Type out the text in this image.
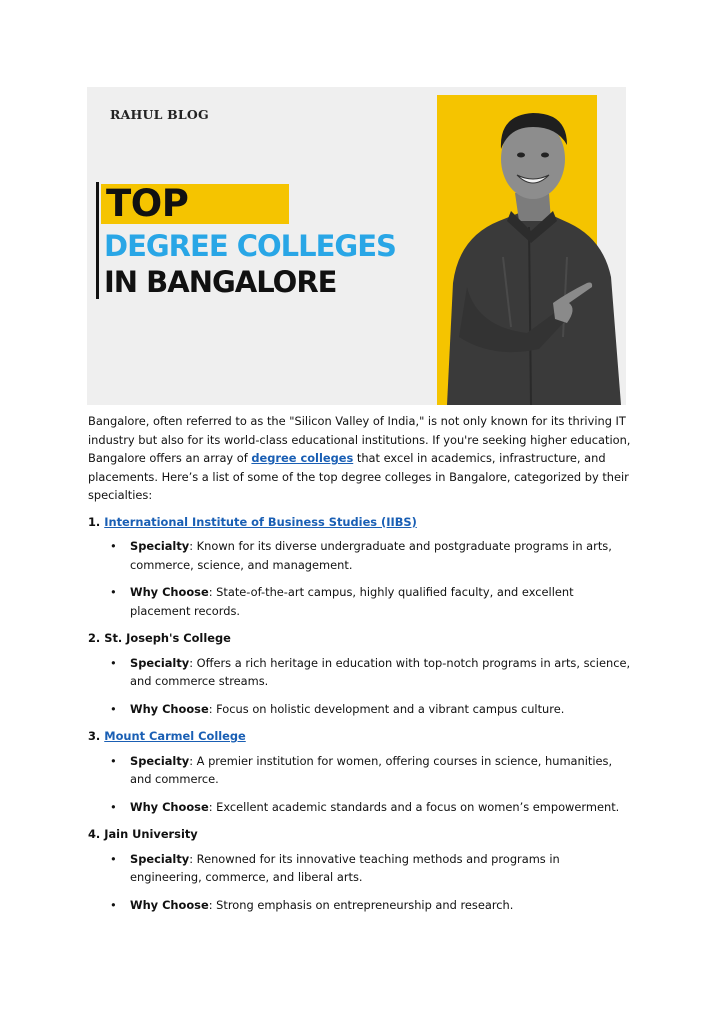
RAHUL BLOG
TOP
DEGREE COLLEGES
IN BANGALORE

Bangalore, often referred to as the "Silicon Valley of India," is not only known for its thriving IT industry but also for its world-class educational institutions. If you're seeking higher education, Bangalore offers an array of degree colleges that excel in academics, infrastructure, and placements. Here’s a list of some of the top degree colleges in Bangalore, categorized by their specialties:

1. International Institute of Business Studies (IIBS)
• Specialty: Known for its diverse undergraduate and postgraduate programs in arts, commerce, science, and management.
• Why Choose: State-of-the-art campus, highly qualified faculty, and excellent placement records.
2. St. Joseph's College
• Specialty: Offers a rich heritage in education with top-notch programs in arts, science, and commerce streams.
• Why Choose: Focus on holistic development and a vibrant campus culture.
3. Mount Carmel College
• Specialty: A premier institution for women, offering courses in science, humanities, and commerce.
• Why Choose: Excellent academic standards and a focus on women’s empowerment.
4. Jain University
• Specialty: Renowned for its innovative teaching methods and programs in engineering, commerce, and liberal arts.
• Why Choose: Strong emphasis on entrepreneurship and research.
